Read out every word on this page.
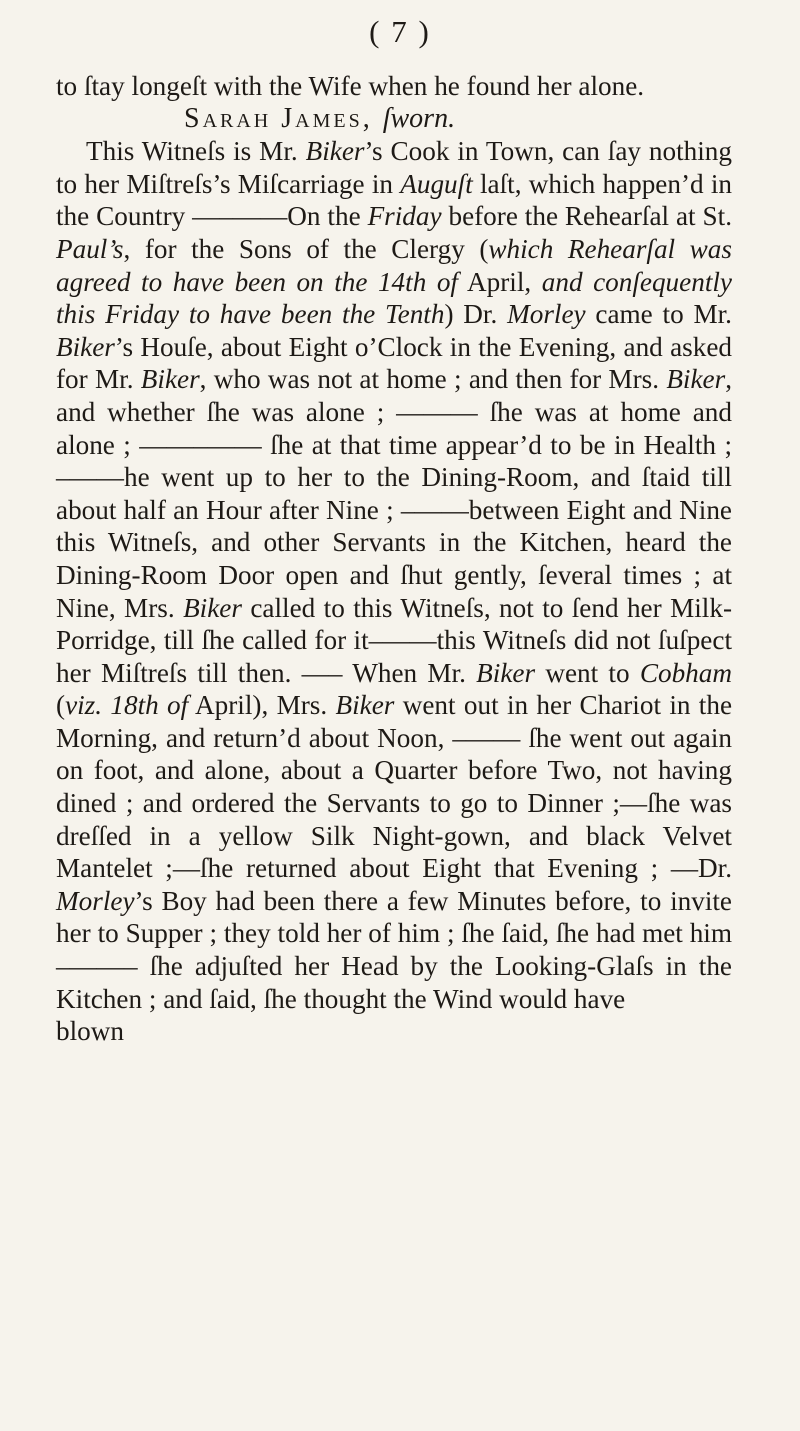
( 7 )

to ſtay longeſt with the Wife when he found her alone.

Sarah James, ſworn.

This Witneſs is Mr. Biker’s Cook in Town, can ſay nothing to her Miſtreſs’s Miſcarriage in Auguſt laſt, which happen’d in the Country —–——On the Friday before the Rehearſal at St. Paul’s, for the Sons of the Clergy (which Rehearſal was agreed to have been on the 14th of April, and conſequently this Friday to have been the Tenth) Dr. Morley came to Mr. Biker’s Houſe, about Eight o’Clock in the Evening, and asked for Mr. Biker, who was not at home ; and then for Mrs. Biker, and whether ſhe was alone ; ——— ſhe was at home and alone ; ——–—— ſhe at that time appear’d to be in Health ; –——he went up to her to the Dining-Room, and ſtaid till about half an Hour after Nine ; –——between Eight and Nine this Witneſs, and other Servants in the Kitchen, heard the Dining-Room Door open and ſhut gently, ſeveral times ; at Nine, Mrs. Biker called to this Witneſs, not to ſend her Milk-Porridge, till ſhe called for it–——this Witneſs did not ſuſpect her Miſtreſs till then. —– When Mr. Biker went to Cobham (viz. 18th of April), Mrs. Biker went out in her Chariot in the Morning, and return’d about Noon, –—— ſhe went out again on foot, and alone, about a Quarter before Two, not having dined ; and ordered the Servants to go to Dinner ;—ſhe was dreſſed in a yellow Silk Night-gown, and black Velvet Mantelet ;—ſhe returned about Eight that Evening ; —Dr. Morley’s Boy had been there a few Minutes before, to invite her to Supper ; they told her of him ; ſhe ſaid, ſhe had met him –——– ſhe adjuſted her Head by the Looking-Glaſs in the Kitchen ; and ſaid, ſhe thought the Wind would have

blown
